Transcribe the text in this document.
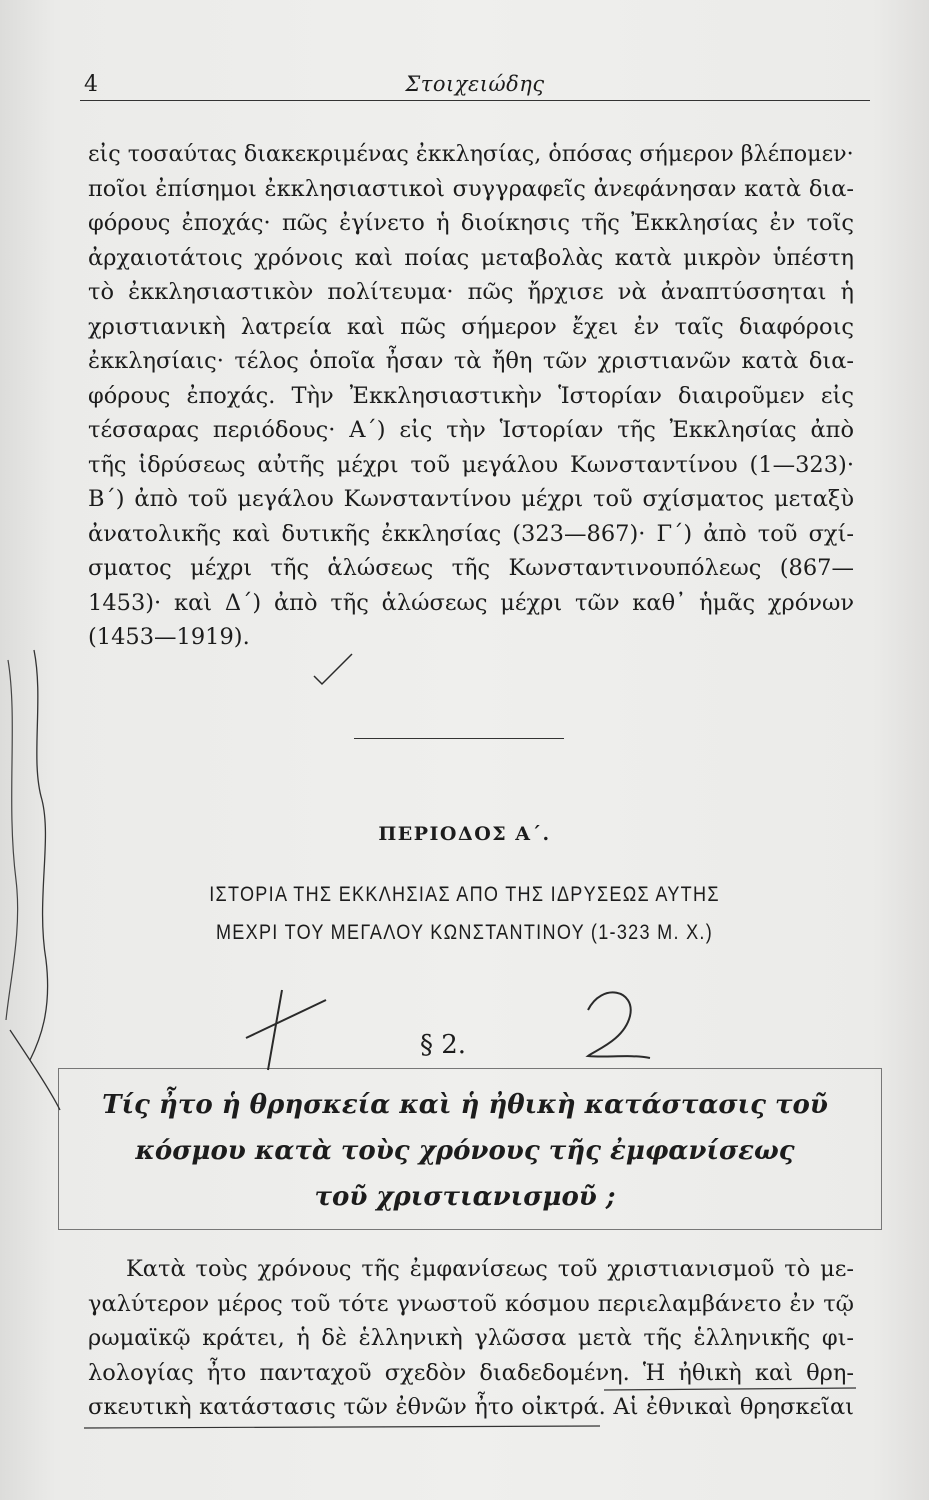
4	Στοιχειώδης
εἰς τοσαύτας διακεκριμένας ἐκκλησίας, ὁπόσας σήμερον βλέπομεν·
ποῖοι ἐπίσημοι ἐκκλησιαστικοὶ συγγραφεῖς ἀνεφάνησαν κατὰ δια-
φόρους ἐποχάς· πῶς ἐγίνετο ἡ διοίκησις τῆς Ἐκκλησίας ἐν τοῖς
ἀρχαιοτάτοις χρόνοις καὶ ποίας μεταβολὰς κατὰ μικρὸν ὑπέστη
τὸ ἐκκλησιαστικὸν πολίτευμα· πῶς ἤρχισε νὰ ἀναπτύσσηται ἡ
χριστιανικὴ λατρεία καὶ πῶς σήμερον ἔχει ἐν ταῖς διαφόροις
ἐκκλησίαις· τέλος ὁποῖα ἦσαν τὰ ἤθη τῶν χριστιανῶν κατὰ δια-
φόρους ἐποχάς. Τὴν Ἐκκλησιαστικὴν Ἱστορίαν διαιροῦμεν εἰς
τέσσαρας περιόδους· Α΄) εἰς τὴν Ἱστορίαν τῆς Ἐκκλησίας ἀπὸ
τῆς ἱδρύσεως αὐτῆς μέχρι τοῦ μεγάλου Κωνσταντίνου (1—323)·
Β΄) ἀπὸ τοῦ μεγάλου Κωνσταντίνου μέχρι τοῦ σχίσματος μεταξὺ
ἀνατολικῆς καὶ δυτικῆς ἐκκλησίας (323—867)· Γ΄) ἀπὸ τοῦ σχί-
σματος μέχρι τῆς ἁλώσεως τῆς Κωνσταντινουπόλεως (867—
1453)· καὶ Δ΄) ἀπὸ τῆς ἁλώσεως μέχρι τῶν καθ᾽ ἡμᾶς χρόνων
(1453—1919).
ΠΕΡΙΟΔΟΣ Α΄.
ΙΣΤΟΡΙΑ ΤΗΣ ΕΚΚΛΗΣΙΑΣ ΑΠΟ ΤΗΣ ΙΔΡΥΣΕΩΣ ΑΥΤΗΣ
ΜΕΧΡΙ ΤΟΥ ΜΕΓΑΛΟΥ ΚΩΝΣΤΑΝΤΙΝΟΥ (1-323 Μ. Χ.)
§ 2.
Τίς ἦτο ἡ θρησκεία καὶ ἡ ἠθικὴ κατάστασις τοῦ
κόσμου κατὰ τοὺς χρόνους τῆς ἐμφανίσεως
τοῦ χριστιανισμοῦ ;
Κατὰ τοὺς χρόνους τῆς ἐμφανίσεως τοῦ χριστιανισμοῦ τὸ με-
γαλύτερον μέρος τοῦ τότε γνωστοῦ κόσμου περιελαμβάνετο ἐν τῷ
ρωμαϊκῷ κράτει, ἡ δὲ ἑλληνικὴ γλῶσσα μετὰ τῆς ἑλληνικῆς φι-
λολογίας ἦτο πανταχοῦ σχεδὸν διαδεδομένη. Ἡ ἠθικὴ καὶ θρη-
σκευτικὴ κατάστασις τῶν ἐθνῶν ἦτο οἰκτρά. Αἱ ἐθνικαὶ θρησκεῖαι
